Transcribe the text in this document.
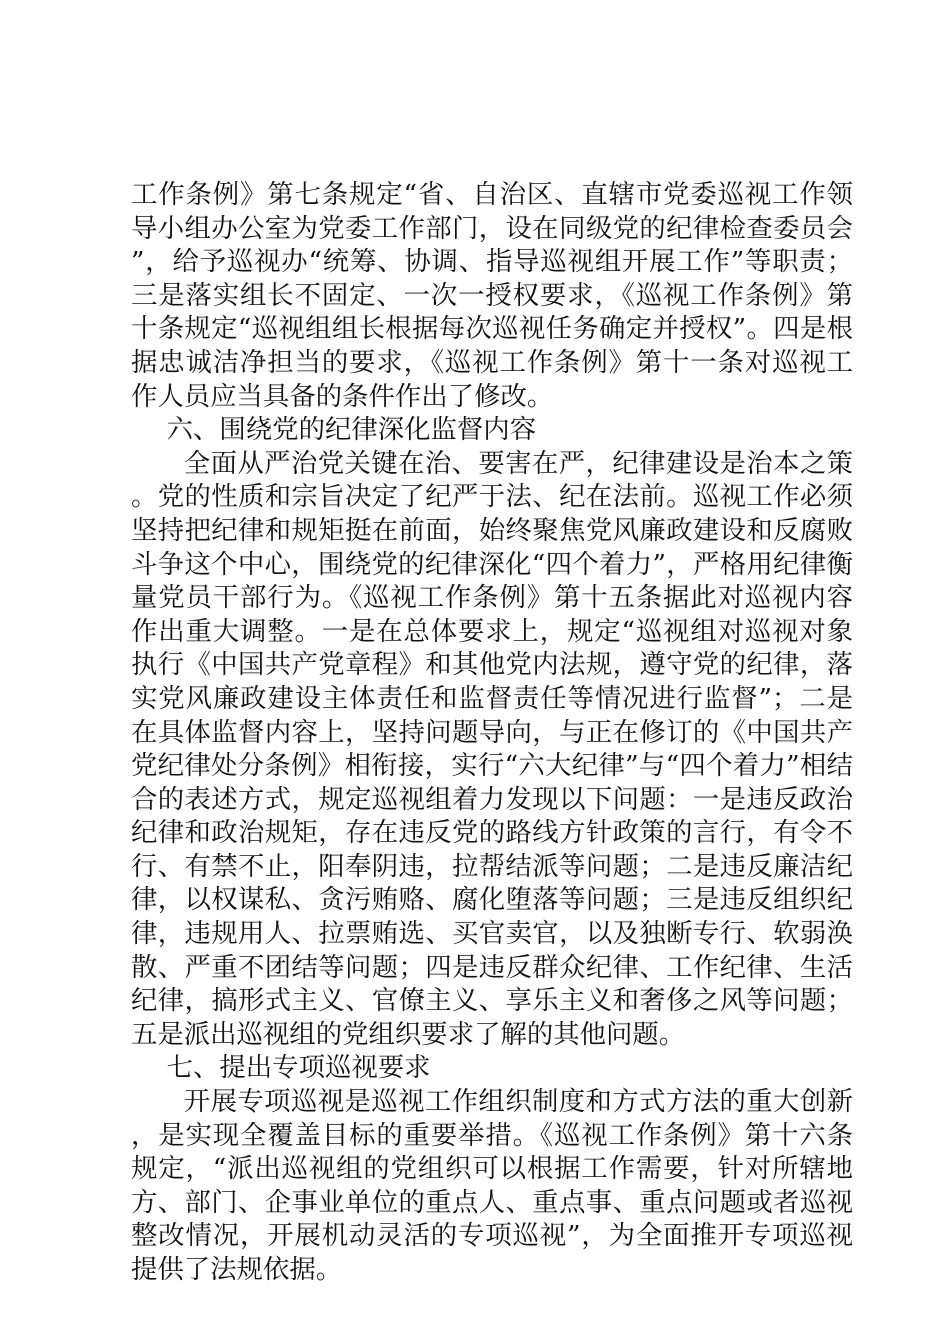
工作条例》第七条规定“省、自治区、直辖市党委巡视工作领导小组办公室为党委工作部门，设在同级党的纪律检查委员会”，给予巡视办“统筹、协调、指导巡视组开展工作”等职责；三是落实组长不固定、一次一授权要求，《巡视工作条例》第十条规定“巡视组组长根据每次巡视任务确定并授权”。四是根据忠诚洁净担当的要求，《巡视工作条例》第十一条对巡视工作人员应当具备的条件作出了修改。

六、围绕党的纪律深化监督内容

全面从严治党关键在治、要害在严，纪律建设是治本之策。党的性质和宗旨决定了纪严于法、纪在法前。巡视工作必须坚持把纪律和规矩挺在前面，始终聚焦党风廉政建设和反腐败斗争这个中心，围绕党的纪律深化“四个着力”，严格用纪律衡量党员干部行为。《巡视工作条例》第十五条据此对巡视内容作出重大调整。一是在总体要求上，规定“巡视组对巡视对象执行《中国共产党章程》和其他党内法规，遵守党的纪律，落实党风廉政建设主体责任和监督责任等情况进行监督”；二是在具体监督内容上，坚持问题导向，与正在修订的《中国共产党纪律处分条例》相衔接，实行“六大纪律”与“四个着力”相结合的表述方式，规定巡视组着力发现以下问题：一是违反政治纪律和政治规矩，存在违反党的路线方针政策的言行，有令不行、有禁不止，阳奉阴违，拉帮结派等问题；二是违反廉洁纪律，以权谋私、贪污贿赂、腐化堕落等问题；三是违反组织纪律，违规用人、拉票贿选、买官卖官，以及独断专行、软弱涣散、严重不团结等问题；四是违反群众纪律、工作纪律、生活纪律，搞形式主义、官僚主义、享乐主义和奢侈之风等问题；五是派出巡视组的党组织要求了解的其他问题。

七、提出专项巡视要求

开展专项巡视是巡视工作组织制度和方式方法的重大创新，是实现全覆盖目标的重要举措。《巡视工作条例》第十六条规定，“派出巡视组的党组织可以根据工作需要，针对所辖地方、部门、企事业单位的重点人、重点事、重点问题或者巡视整改情况，开展机动灵活的专项巡视”，为全面推开专项巡视提供了法规依据。
